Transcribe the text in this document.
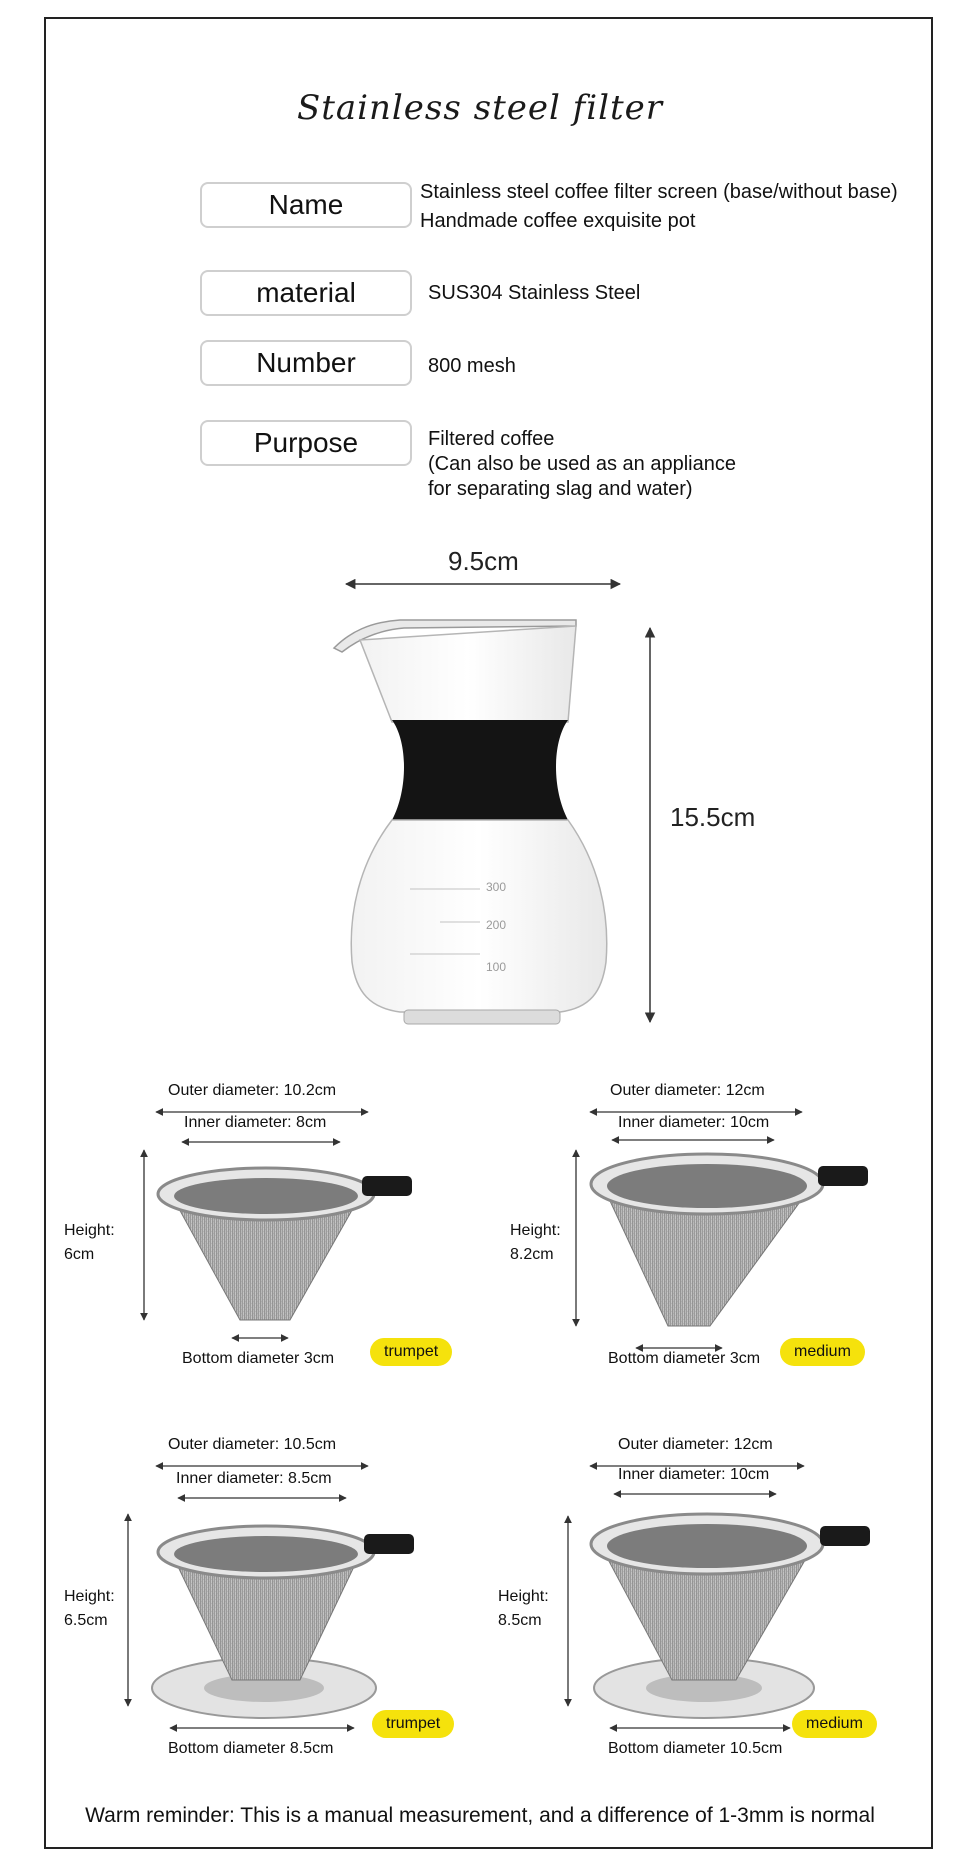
Stainless steel filter
Name	Stainless steel coffee filter screen (base/without base)
Handmade coffee exquisite pot
material	SUS304 Stainless Steel
Number	800 mesh
Purpose	Filtered coffee
(Can also be used as an appliance
for separating slag and water)
9.5cm
15.5cm
300
200
100
Outer diameter: 10.2cm
Inner diameter: 8cm
Height:
6cm
Bottom diameter 3cm	trumpet
Outer diameter: 12cm
Inner diameter: 10cm
Height:
8.2cm
Bottom diameter 3cm	medium
Outer diameter: 10.5cm
Inner diameter: 8.5cm
Height:
6.5cm
Bottom diameter 8.5cm
trumpet
Outer diameter: 12cm
Inner diameter: 10cm
Height:
8.5cm
Bottom diameter 10.5cm
medium
Warm reminder: This is a manual measurement, and a difference of 1-3mm is normal
